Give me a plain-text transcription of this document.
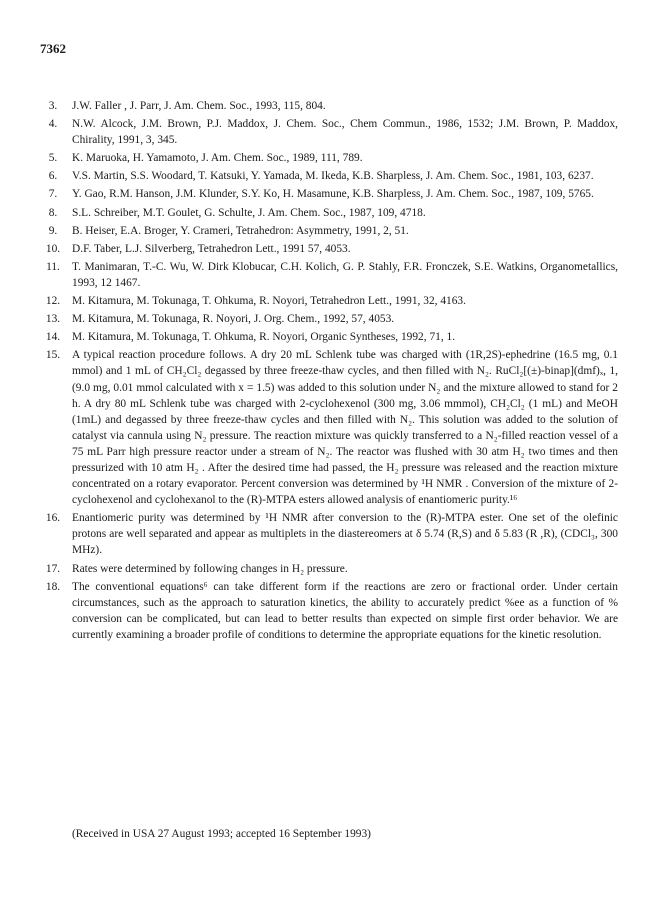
7362
3.	J.W. Faller , J. Parr, J. Am. Chem. Soc., 1993, 115, 804.
4.	N.W. Alcock, J.M. Brown, P.J. Maddox, J. Chem. Soc., Chem Commun., 1986, 1532; J.M. Brown, P. Maddox, Chirality, 1991, 3, 345.
5.	K. Maruoka, H. Yamamoto, J. Am. Chem. Soc., 1989, 111, 789.
6.	V.S. Martin, S.S. Woodard, T. Katsuki, Y. Yamada, M. Ikeda, K.B. Sharpless, J. Am. Chem. Soc., 1981, 103, 6237.
7.	Y. Gao, R.M. Hanson, J.M. Klunder, S.Y. Ko, H. Masamune, K.B. Sharpless, J. Am. Chem. Soc., 1987, 109, 5765.
8.	S.L. Schreiber, M.T. Goulet, G. Schulte, J. Am. Chem. Soc., 1987, 109, 4718.
9.	B. Heiser, E.A. Broger, Y. Crameri, Tetrahedron: Asymmetry, 1991, 2, 51.
10.	D.F. Taber, L.J. Silverberg, Tetrahedron Lett., 1991 57, 4053.
11.	T. Manimaran, T.-C. Wu, W. Dirk Klobucar, C.H. Kolich, G. P. Stahly, F.R. Fronczek, S.E. Watkins, Organometallics, 1993, 12 1467.
12.	M. Kitamura, M. Tokunaga, T. Ohkuma, R. Noyori, Tetrahedron Lett., 1991, 32, 4163.
13.	M. Kitamura, M. Tokunaga, R. Noyori, J. Org. Chem., 1992, 57, 4053.
14.	M. Kitamura, M. Tokunaga, T. Ohkuma, R. Noyori, Organic Syntheses, 1992, 71, 1.
15.	A typical reaction procedure follows. A dry 20 mL Schlenk tube was charged with (1R,2S)-ephedrine (16.5 mg, 0.1 mmol) and 1 mL of CH₂Cl₂ degassed by three freeze-thaw cycles, and then filled with N₂. RuCl₂[(±)-binap](dmf)ₓ, 1, (9.0 mg, 0.01 mmol calculated with x = 1.5) was added to this solution under N₂ and the mixture allowed to stand for 2 h. A dry 80 mL Schlenk tube was charged with 2-cyclohexenol (300 mg, 3.06 mmmol), CH₂Cl₂ (1 mL) and MeOH (1mL) and degassed by three freeze-thaw cycles and then filled with N₂. This solution was added to the solution of catalyst via cannula using N₂ pressure. The reaction mixture was quickly transferred to a N₂-filled reaction vessel of a 75 mL Parr high pressure reactor under a stream of N₂. The reactor was flushed with 30 atm H₂ two times and then pressurized with 10 atm H₂ . After the desired time had passed, the H₂ pressure was released and the reaction mixture concentrated on a rotary evaporator. Percent conversion was determined by ¹H NMR . Conversion of the mixture of 2-cyclohexenol and cyclohexanol to the (R)-MTPA esters allowed analysis of enantiomeric purity.¹⁶
16.	Enantiomeric purity was determined by ¹H NMR after conversion to the (R)-MTPA ester. One set of the olefinic protons are well separated and appear as multiplets in the diastereomers at δ 5.74 (R,S) and δ 5.83 (R ,R), (CDCl₃, 300 MHz).
17.	Rates were determined by following changes in H₂ pressure.
18.	The conventional equations⁶ can take different form if the reactions are zero or fractional order. Under certain circumstances, such as the approach to saturation kinetics, the ability to accurately predict %ee as a function of % conversion can be complicated, but can lead to better results than expected on simple first order behavior. We are currently examining a broader profile of conditions to determine the appropriate equations for the kinetic resolution.
(Received in USA 27 August 1993; accepted 16 September 1993)
